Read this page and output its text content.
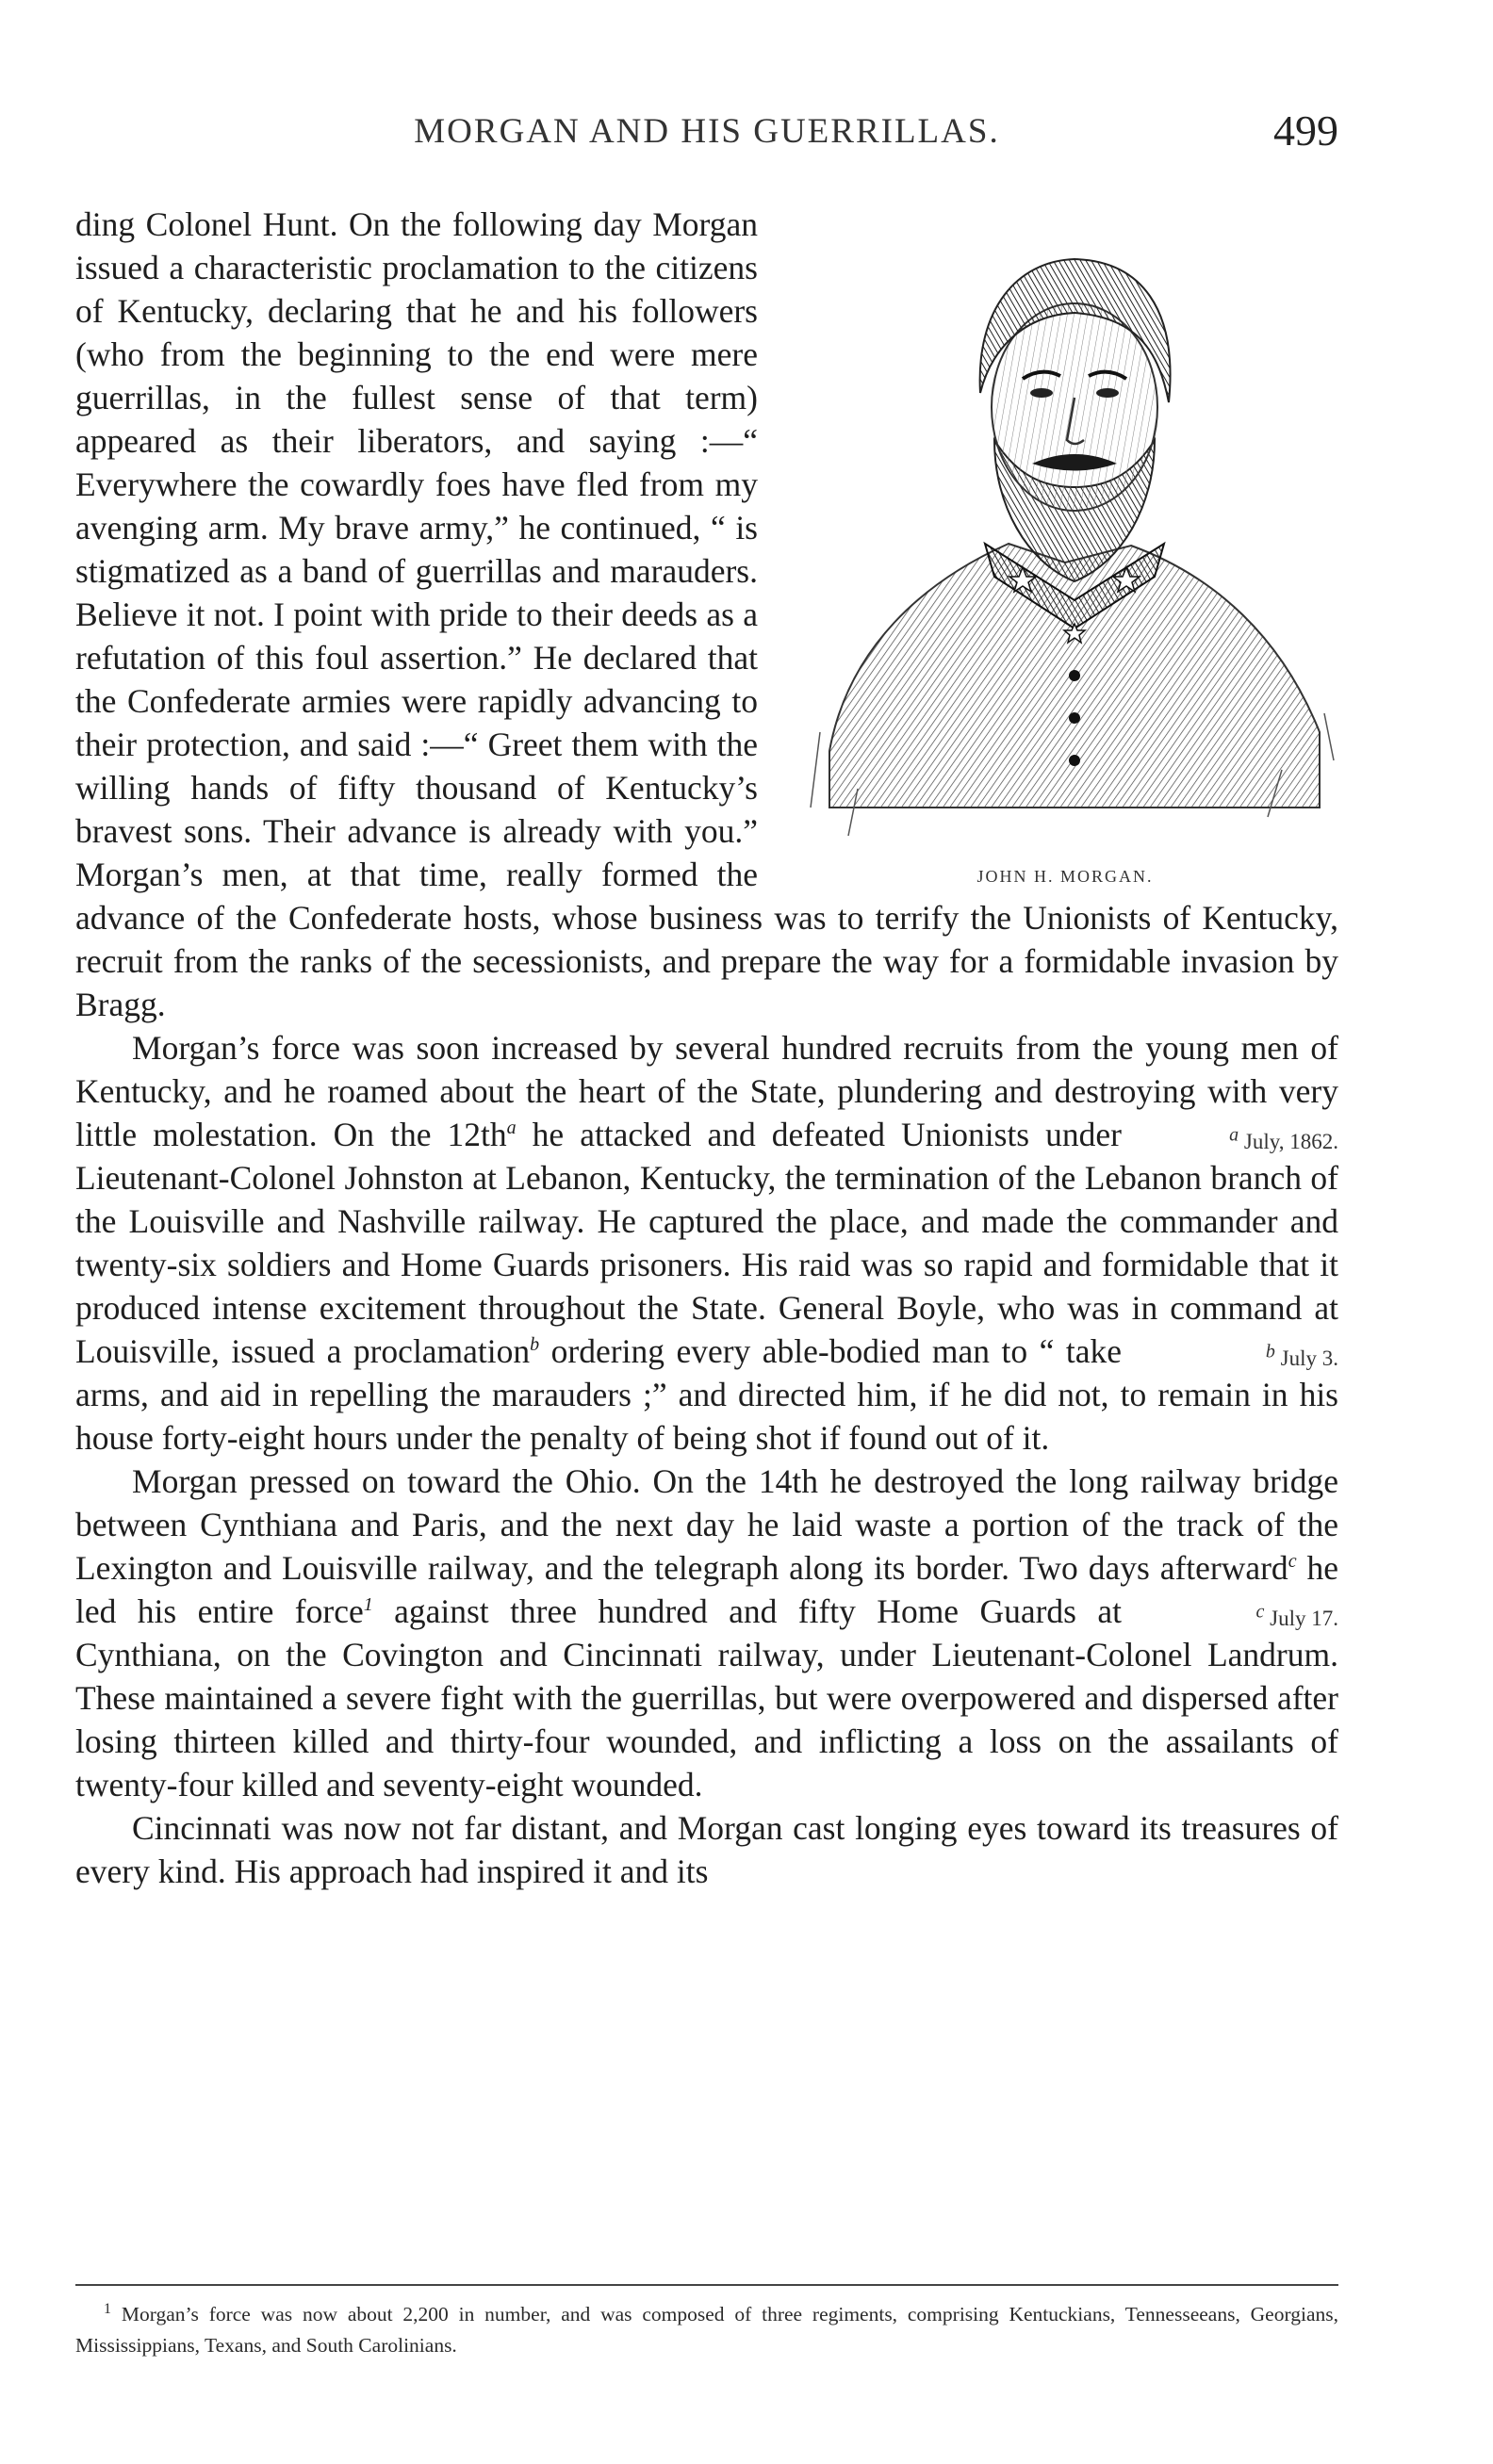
MORGAN AND HIS GUERRILLAS.	499
JOHN H. MORGAN.

ding Colonel Hunt. On the following day Morgan issued a characteristic proclamation to the citizens of Kentucky, declaring that he and his followers (who from the beginning to the end were mere guerrillas, in the fullest sense of that term) appeared as their liberators, and saying :—“ Everywhere the cowardly foes have fled from my avenging arm. My brave army,” he continued, “ is stigmatized as a band of guerrillas and marauders. Believe it not. I point with pride to their deeds as a refutation of this foul assertion.” He declared that the Confederate armies were rapidly advancing to their protection, and said :—“ Greet them with the willing hands of fifty thousand of Kentucky’s bravest sons. Their advance is already with you.” Morgan’s men, at that time, really formed the advance of the Confederate hosts, whose business was to terrify the Unionists of Kentucky, recruit from the ranks of the secessionists, and prepare the way for a formidable invasion by Bragg.

Morgan’s force was soon increased by several hundred recruits from the young men of Kentucky, and he roamed about the heart of the State, plundering and destroying with very little molestation. On the $12th^a$	$^a$ July, 1862.
he attacked and defeated Unionists under Lieutenant-Colonel Johnston at Lebanon, Kentucky, the termination of the Lebanon branch of the Louisville and Nashville railway. He captured the place, and made the commander and twenty-six soldiers and Home Guards prisoners. His raid was so rapid and formidable that it produced intense excitement throughout the State. General Boyle, who was in command at Louisville, issued a proclamation$^b$	$^b$ July 3.
ordering every able-bodied man to “ take arms, and aid in repelling the marauders ;” and directed him, if he did not, to remain in his house forty-eight hours under the penalty of being shot if found out of it.

Morgan pressed on toward the Ohio. On the 14th he destroyed the long railway bridge between Cynthiana and Paris, and the next day he laid waste a portion of the track of the Lexington and Louisville railway, and the telegraph along its border. Two days afterward$^c$
$^c$ July 17.
he led his entire force$^1$ against three hundred and fifty Home Guards at Cynthiana, on the Covington and Cincinnati railway, under Lieutenant-Colonel Landrum. These maintained a severe fight with the guerrillas, but were overpowered and dispersed after losing thirteen killed and thirty-four wounded, and inflicting a loss on the assailants of twenty-four killed and seventy-eight wounded.

Cincinnati was now not far distant, and Morgan cast longing eyes toward its treasures of every kind. His approach had inspired it and its

$^1$ Morgan’s force was now about 2,200 in number, and was composed of three regiments, comprising Kentuckians, Tennesseeans, Georgians, Mississippians, Texans, and South Carolinians.
